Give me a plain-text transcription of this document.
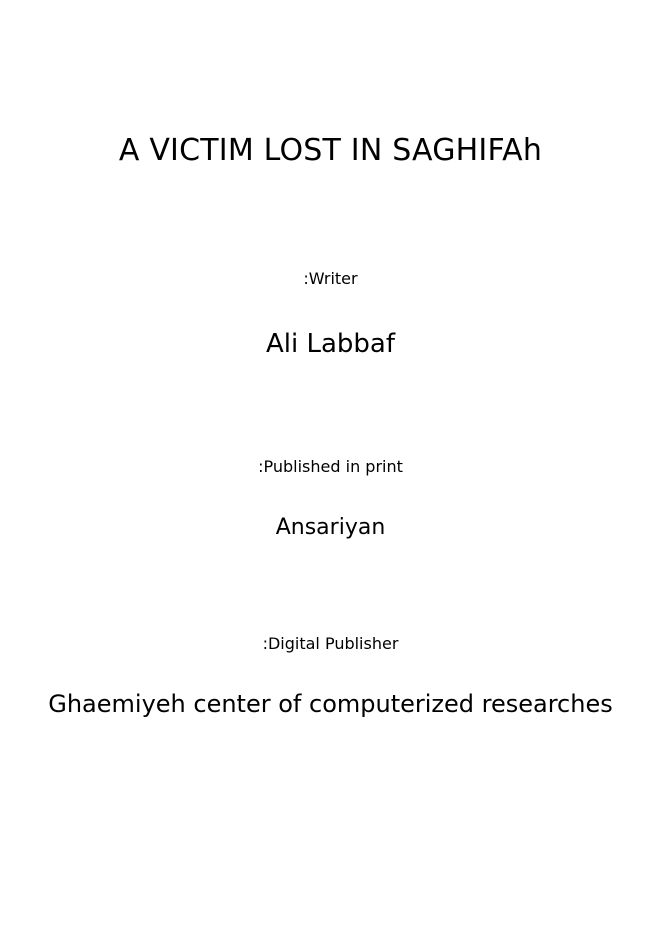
A VICTIM LOST IN SAGHIFAh
:Writer
Ali Labbaf
:Published in print
Ansariyan
:Digital Publisher
Ghaemiyeh center of computerized researches
